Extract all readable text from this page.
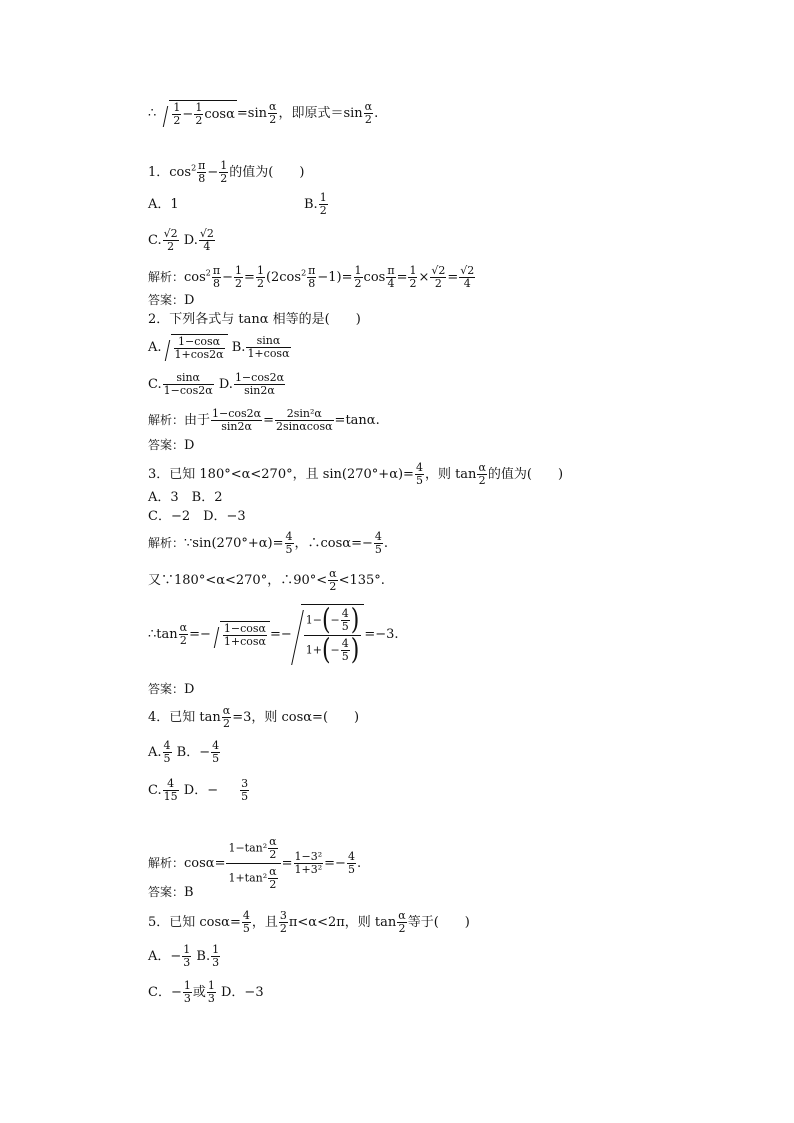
∴ $\frac{1}{2} - \frac{1}{2}$ $\cos\alpha =\sin \frac{\alpha}{2}$ ，即原式$=\sin \frac{\alpha}{2}$ .
1．$\cos^2 \frac{\pi}{8} - \frac{1}{2}$ 的值为(　　)
A．1	B. $\frac{1}{2}$
C. $\frac{√2}{2} D$. $\frac{√2}{4}$
解析：$\cos^2 \frac{\pi}{8} - \frac{1}{2} = \frac{1}{2} (2\cos^2 \frac{\pi}{8} -1)= \frac{1}{2}$ $\cos \frac{\pi}{4} = \frac{1}{2} \times \frac{√2}{2} = \frac{√2}{4}$
答案：D
2．下列各式与 tanα 相等的是(　　)
A. $\frac{1-\cos\alpha}{1+\cos 2\alpha} B$. $\frac{\sin\alpha}{1+\cos\alpha}$
C. $\frac{\sin\alpha}{1-\cos 2\alpha} D$. $\frac{1-\cos 2\alpha}{\sin 2\alpha}$
解析：由于 $\frac{1-\cos 2\alpha}{\sin 2\alpha} = \frac{\text{2sin²α}}{2\sin\alpha\cos\alpha} =\tan\alpha$.
答案：D
3．已知 180°<α<270°，且 $\sin(270^\circ+\alpha)= \frac{4}{5}$ ，则 $\tan \frac{\alpha}{2}$ 的值为(　　)
A．3　B．2
C．−2　D．−3
解析：∵sin(270°+α)= $\frac{4}{5}$ ，∴cosα=− $\frac{4}{5}$ .
又∵180°<α<270°，∴90°< $\frac{\alpha}{2} <135^\circ$.
∴tan $\frac{\alpha}{2} =- \frac{1-\cos\alpha}{1+\cos\alpha} =- \frac{1-(- \frac{4}{5} )}{1+(- \frac{4}{5} )} =-3$.
答案：D
4．已知 $\tan \frac{\alpha}{2} =3$，则 cosα=(　　)
A. $\frac{4}{5}$ B．− $\frac{4}{5}$
C. $\frac{4}{15}$ D．− $\frac{3}{5}$
解析：$\cos\alpha= \frac{1-\tan^2 \frac{\alpha}{2}}{1+\tan^2 \frac{\alpha}{2}} = \frac{\text{1−3²}}{\text{1+3²}} =- \frac{4}{5}$ .
答案：B
5．已知 $\cos\alpha= \frac{4}{5}$ ，且 $\frac{3}{2} \pi<\alpha<2\pi$，则 $\tan \frac{\alpha}{2}$ 等于(　　)
A．− $\frac{1}{3} B$. $\frac{1}{3}$
C．− $\frac{1}{3}$ 或 $\frac{1}{3}$ D．−3
